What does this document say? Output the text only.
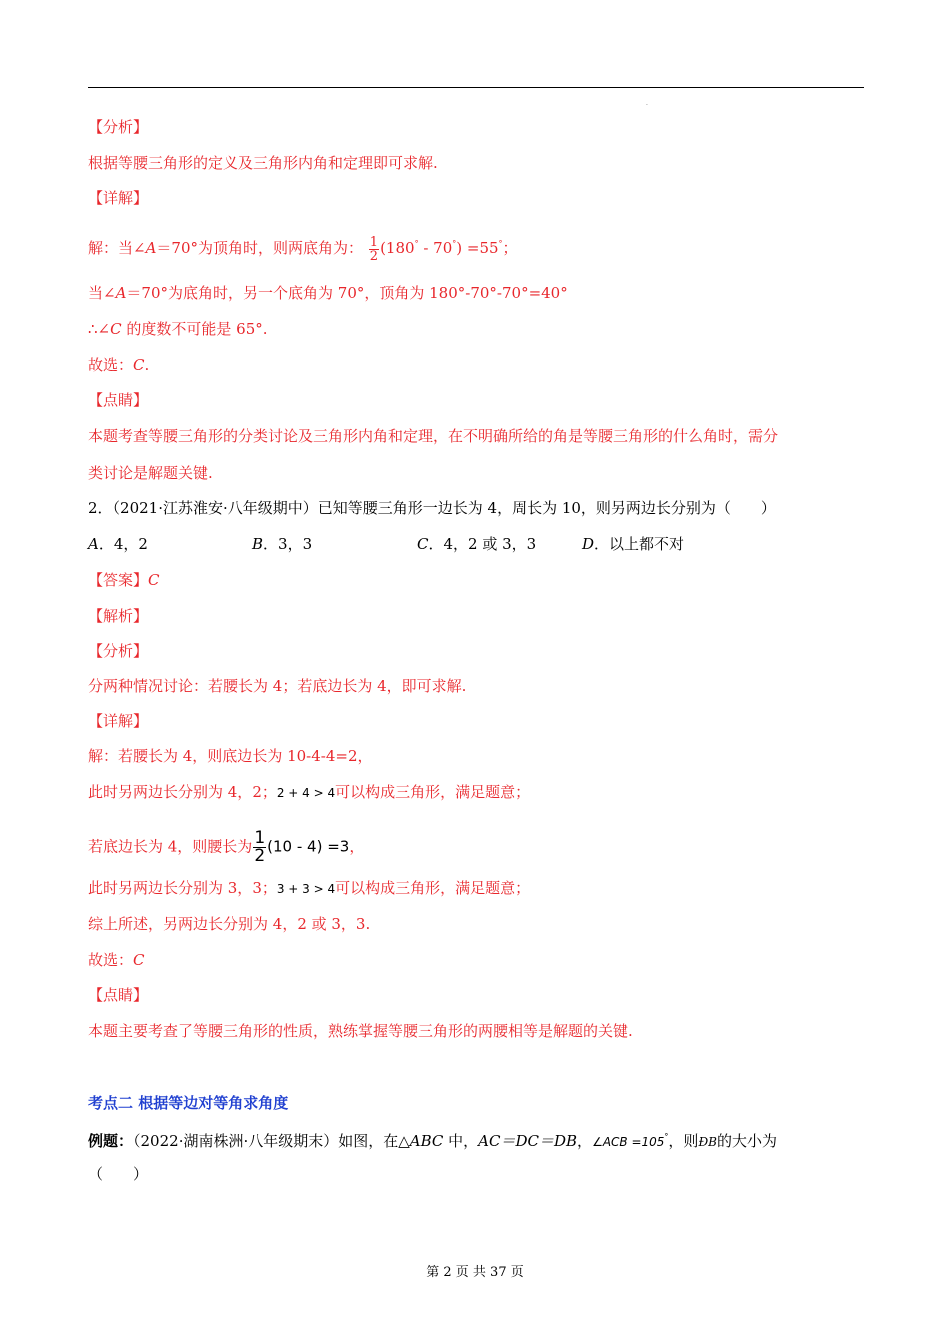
.
【分析】
根据等腰三角形的定义及三角形内角和定理即可求解.
【详解】
解：当∠A＝70°为顶角时，则两底角为： $\frac{1}{2} (180^\circ - 70^\circ) =55^\circ$；
当∠A＝70°为底角时，另一个底角为 70°，顶角为 180°-70°-70°=40°
∴∠C 的度数不可能是 65°.
故选：C.
【点睛】
本题考查等腰三角形的分类讨论及三角形内角和定理，在不明确所给的角是等腰三角形的什么角时，需分
类讨论是解题关键.
2．（2021·江苏淮安·八年级期中）已知等腰三角形一边长为 4，周长为 10，则另两边长分别为（　　）
A．4，2	B．3，3	C．4，2 或 3，3	D．以上都不对
【答案】C
【解析】
【分析】
分两种情况讨论：若腰长为 4；若底边长为 4，即可求解.
【详解】
解：若腰长为 4，则底边长为 10-4-4=2，
此时另两边长分别为 4，2；2 + 4 > 4可以构成三角形，满足题意；
若底边长为 4，则腰长为 $\frac{1}{2} (10 - 4) =3$，
此时另两边长分别为 3，3；3 + 3 > 4可以构成三角形，满足题意；
综上所述，另两边长分别为 4，2 或 3，3.
故选：C
【点睛】
本题主要考查了等腰三角形的性质，熟练掌握等腰三角形的两腰相等是解题的关键.
考点二 根据等边对等角求角度
例题：（2022·湖南株洲·八年级期末）如图，在△ABC 中，AC＝DC＝DB，∠ACB =105°，则ÐB的大小为
（　　）
第 2 页 共 37 页
